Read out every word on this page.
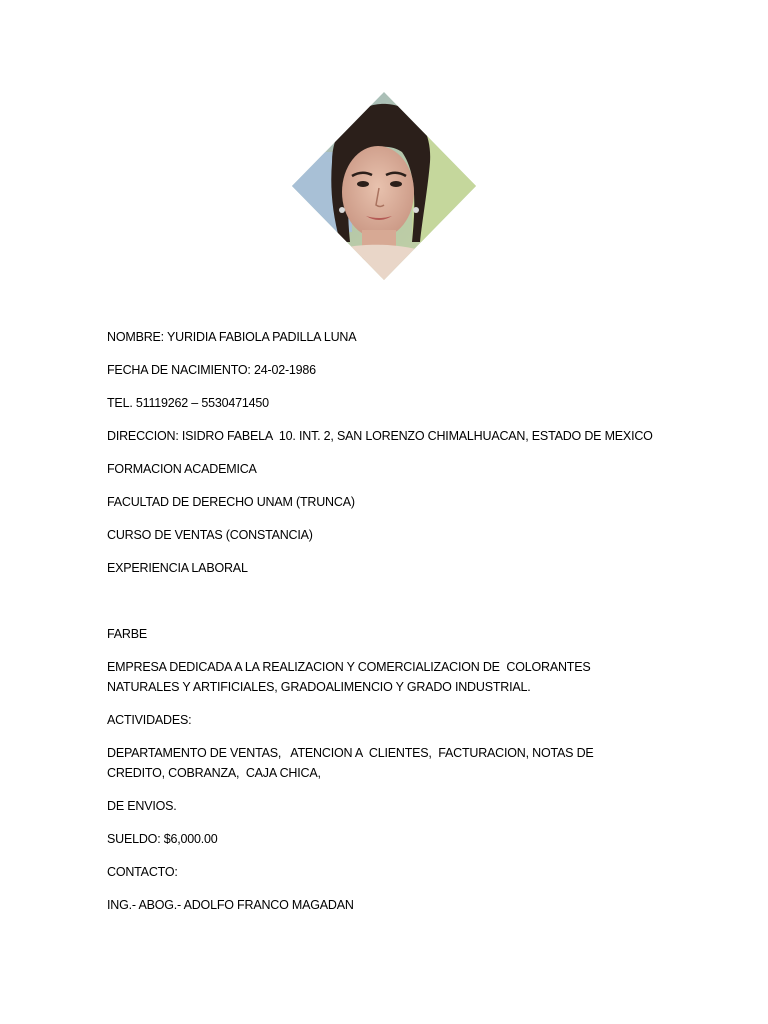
NOMBRE: YURIDIA FABIOLA PADILLA LUNA
FECHA DE NACIMIENTO: 24-02-1986
TEL. 51119262 – 5530471450
DIRECCION: ISIDRO FABELA  10. INT. 2, SAN LORENZO CHIMALHUACAN, ESTADO DE MEXICO
FORMACION ACADEMICA
FACULTAD DE DERECHO UNAM (TRUNCA)
CURSO DE VENTAS (CONSTANCIA)
EXPERIENCIA LABORAL
FARBE
EMPRESA DEDICADA A LA REALIZACION Y COMERCIALIZACION DE  COLORANTES NATURALES Y ARTIFICIALES, GRADOALIMENCIO Y GRADO INDUSTRIAL.
ACTIVIDADES:
DEPARTAMENTO DE VENTAS,   ATENCION A  CLIENTES,  FACTURACION, NOTAS DE CREDITO, COBRANZA,  CAJA CHICA,
DE ENVIOS.
SUELDO: $6,000.00
CONTACTO:
ING.- ABOG.- ADOLFO FRANCO MAGADAN
